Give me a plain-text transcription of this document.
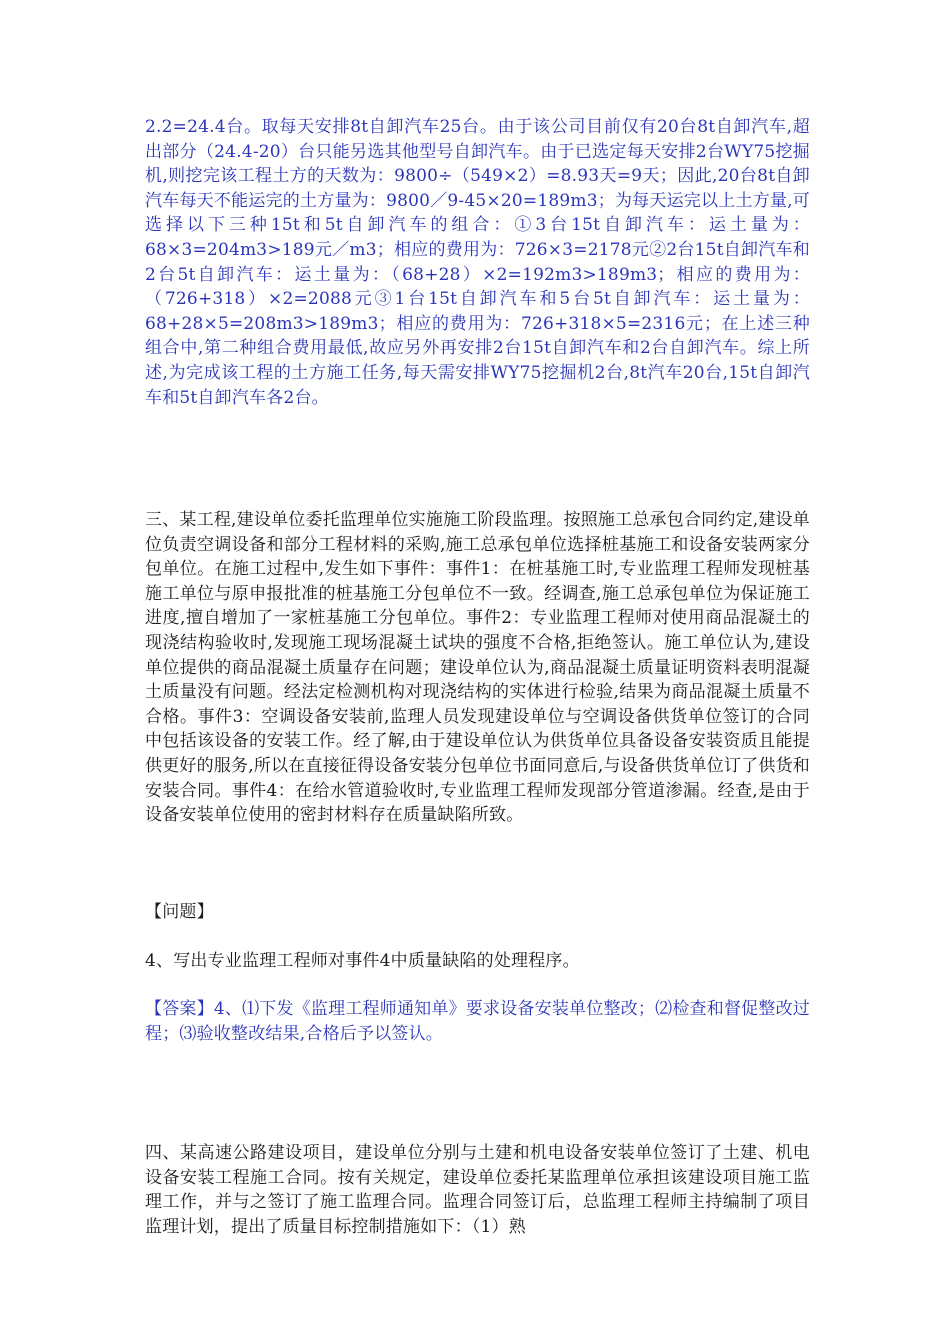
2.2=24.4台。取每天安排8t自卸汽车25台。由于该公司目前仅有20台8t自卸汽车,超出部分（24.4-20）台只能另选其他型号自卸汽车。由于已选定每天安排2台WY75挖掘机,则挖完该工程土方的天数为：9800÷（549×2）=8.93天=9天；因此,20台8t自卸汽车每天不能运完的土方量为：9800／9-45×20=189m3；为每天运完以上土方量,可选择以下三种15t和5t自卸汽车的组合：①3台15t自卸汽车：运土量为：68×3=204m3>189元／m3；相应的费用为：726×3=2178元②2台15t自卸汽车和2台5t自卸汽车：运土量为：（68+28）×2=192m3>189m3；相应的费用为：（726+318）×2=2088元③1台15t自卸汽车和5台5t自卸汽车：运土量为：68+28×5=208m3>189m3；相应的费用为：726+318×5=2316元；在上述三种组合中,第二种组合费用最低,故应另外再安排2台15t自卸汽车和2台自卸汽车。综上所述,为完成该工程的土方施工任务,每天需安排WY75挖掘机2台,8t汽车20台,15t自卸汽车和5t自卸汽车各2台。

三、某工程,建设单位委托监理单位实施施工阶段监理。按照施工总承包合同约定,建设单位负责空调设备和部分工程材料的采购,施工总承包单位选择桩基施工和设备安装两家分包单位。在施工过程中,发生如下事件：事件1：在桩基施工时,专业监理工程师发现桩基施工单位与原申报批准的桩基施工分包单位不一致。经调查,施工总承包单位为保证施工进度,擅自增加了一家桩基施工分包单位。事件2：专业监理工程师对使用商品混凝土的现浇结构验收时,发现施工现场混凝土试块的强度不合格,拒绝签认。施工单位认为,建设单位提供的商品混凝土质量存在问题；建设单位认为,商品混凝土质量证明资料表明混凝土质量没有问题。经法定检测机构对现浇结构的实体进行检验,结果为商品混凝土质量不合格。事件3：空调设备安装前,监理人员发现建设单位与空调设备供货单位签订的合同中包括该设备的安装工作。经了解,由于建设单位认为供货单位具备设备安装资质且能提供更好的服务,所以在直接征得设备安装分包单位书面同意后,与设备供货单位订了供货和安装合同。事件4：在给水管道验收时,专业监理工程师发现部分管道渗漏。经查,是由于设备安装单位使用的密封材料存在质量缺陷所致。

【问题】

4、写出专业监理工程师对事件4中质量缺陷的处理程序。

【答案】4、⑴下发《监理工程师通知单》要求设备安装单位整改；⑵检查和督促整改过程；⑶验收整改结果,合格后予以签认。

四、某高速公路建设项目，建设单位分别与土建和机电设备安装单位签订了土建、机电设备安装工程施工合同。按有关规定，建设单位委托某监理单位承担该建设项目施工监理工作，并与之签订了施工监理合同。监理合同签订后，总监理工程师主持编制了项目监理计划，提出了质量目标控制措施如下：（1）熟
